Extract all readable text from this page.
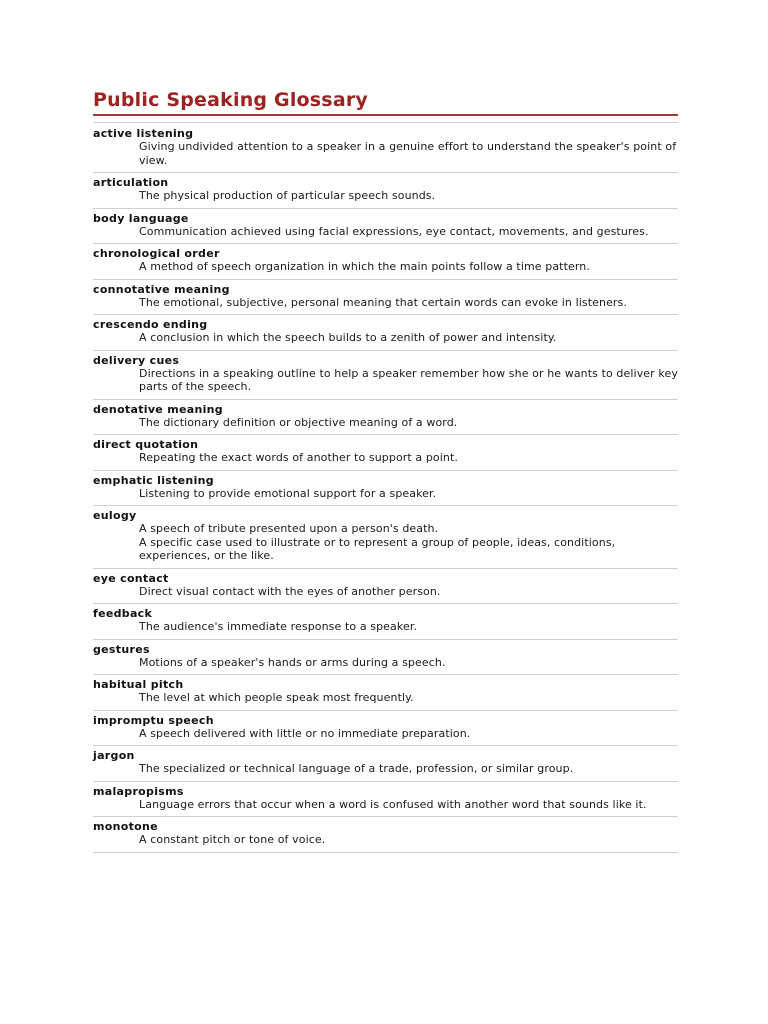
Public Speaking Glossary
active listening
Giving undivided attention to a speaker in a genuine effort to understand the speaker's point of view.
articulation
The physical production of particular speech sounds.
body language
Communication achieved using facial expressions, eye contact, movements, and gestures.
chronological order
A method of speech organization in which the main points follow a time pattern.
connotative meaning
The emotional, subjective, personal meaning that certain words can evoke in listeners.
crescendo ending
A conclusion in which the speech builds to a zenith of power and intensity.
delivery cues
Directions in a speaking outline to help a speaker remember how she or he wants to deliver key parts of the speech.
denotative meaning
The dictionary definition or objective meaning of a word.
direct quotation
Repeating the exact words of another to support a point.
emphatic listening
Listening to provide emotional support for a speaker.
eulogy
A speech of tribute presented upon a person's death.
A specific case used to illustrate or to represent a group of people, ideas, conditions, experiences, or the like.
eye contact
Direct visual contact with the eyes of another person.
feedback
The audience's immediate response to a speaker.
gestures
Motions of a speaker's hands or arms during a speech.
habitual pitch
The level at which people speak most frequently.
impromptu speech
A speech delivered with little or no immediate preparation.
jargon
The specialized or technical language of a trade, profession, or similar group.
malapropisms
Language errors that occur when a word is confused with another word that sounds like it.
monotone
A constant pitch or tone of voice.
